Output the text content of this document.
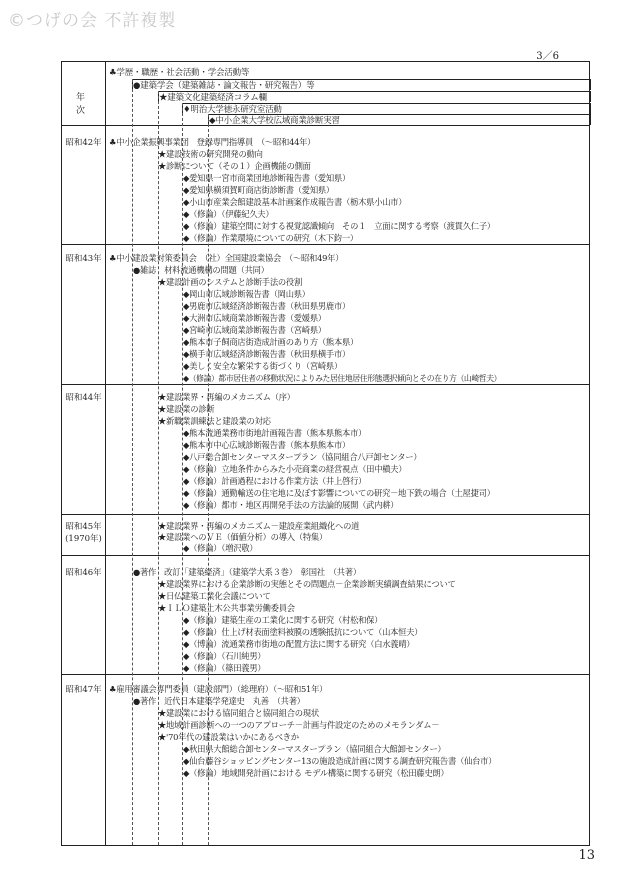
©つげの会 不許複製
3／6
年　次
♣学歴・職歴・社会活動・学会活動等
●建築学会（建築雑誌・論文報告・研究報告）等
★建築文化建築経済コラム欄
♦明治大学徳永研究室活動
◆中小企業大学校広域商業診断実習
昭和42年 ♣中小企業振興事業団　登録専門指導員　（～昭和44年）
★建設技術の研究開発の動向
★診断について（その１）企画機能の側面
◆愛知県一宮市商業団地診断報告書（愛知県）
◆愛知県横須賀町商店街診断書（愛知県）
◆小山市産業会館建設基本計画案作成報告書（栃木県小山市）
◆（修論）（伊藤紀久夫）
◆（修論）建築空間に対する視覚認識傾向　その１　立面に関する考察（渡貫久仁子）
◆（修論）作業環境についての研究（木下鈞一）
昭和43年 ♣中小建設業対策委員会　（社）全国建設業協会　（～昭和49年）
●雑誌　材料流通機構の問題（共同）
★建設計画のシステムと診断手法の役割
◆岡山市広域診断報告書（岡山県）
◆男鹿市広域経済診断報告書（秋田県男鹿市）
◆大洲市広域商業診断報告書（愛媛県）
◆宮崎市広域商業診断報告書（宮崎県）
◆熊本市子飼商店街造成計画のあり方（熊本県）
◆横手市広域経済診断報告書（秋田県横手市）
◆美しく安全な繁栄する街づくり（宮崎県）
◆（修論）都市居住者の移動状況によりみた居住地居住形態選択傾向とその在り方（山崎哲夫）
昭和44年	★建設業界・再編のメカニズム（序）
★建設業の診断
★新職業訓練法と建設業の対応
◆熊本流通業務市街地計画報告書（熊本県熊本市）
◆熊本市中心広域診断報告書（熊本県熊本市）
◆八戸総合卸センターマスタープラン（協同組合八戸卸センター）
◆（修論）立地条件からみた小売商業の経営視点（田中槇夫）
◆（修論）計画過程における作業方法（井上啓行）
◆（修論）通勤輸送の住宅地に及ぼす影響についての研究－地下鉄の場合（土屋捷司）
◆（修論）都市・地区再開発手法の方法論的展開（武内耕）
昭和45年
(1970年)
★建設業界・再編のメカニズム－建設産業組織化への道
★建設業へのＶＥ（価値分析）の導入（特集）
◆（修論）（増沢敬）
昭和46年	●著作　改訂「建築経済」（建築学大系３巻）　彰国社　（共著）
★建設業界における企業診断の実態とその問題点－企業診断実績調査結果について
★日仏建築工業化会議について
★ＩＬＯ建築土木公共事業労働委員会
◆（修論）建築生産の工業化に関する研究（村松和保）
◆（修論）仕上げ材表面塗料被膜の透験抵抗について（山本恒夫）
◆（博論）流通業務市街地の配置方法に関する研究（白水義晴）
◆（修論）（石川純男）
◆（修論）（篠田義男）
昭和47年 ♣雇用審議会専門委員（建設部門）（総理府）（～昭和51年）
●著作　近代日本建築学発達史　丸善　（共著）
★建設業における協同組合と協同組合の現状
★地域計画診断への一つのアプローチ－計画与件設定のためのメモランダム－
★'70年代の建設業はいかにあるべきか
◆秋田県大館総合卸センターマスタープラン（協同組合大館卸センター）
◆仙台藤谷ショッピングセンター13の施設造成計画に関する調査研究報告書（仙台市）
◆（修論）地域開発計画における モデル構築に関する研究（松田藤史朗）
13
